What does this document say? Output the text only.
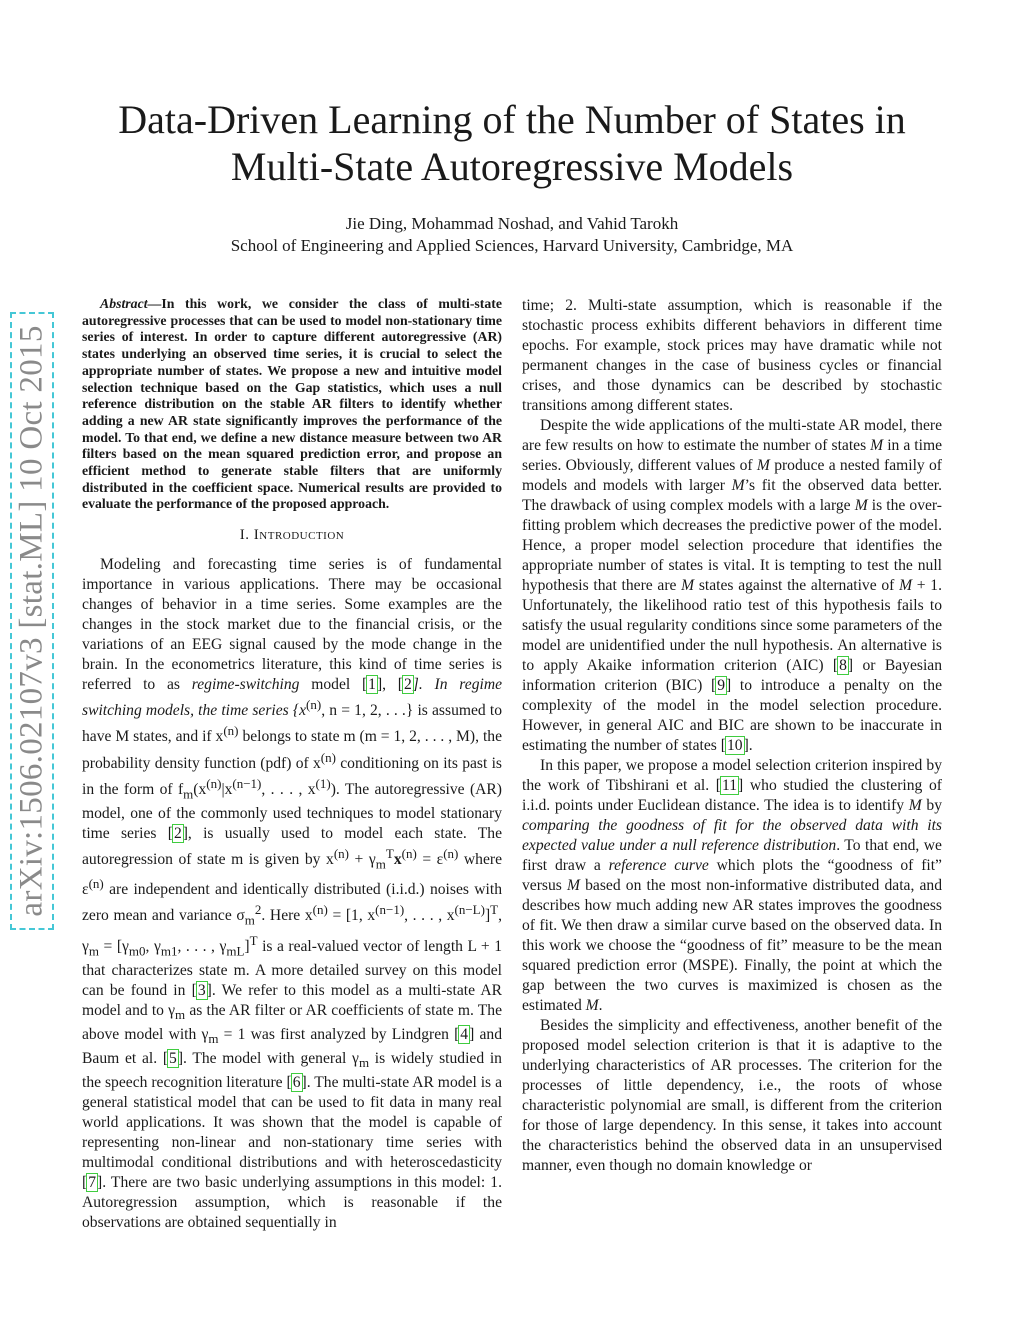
arXiv:1506.02107v3 [stat.ML] 10 Oct 2015
Data-Driven Learning of the Number of States in
Multi-State Autoregressive Models
Jie Ding, Mohammad Noshad, and Vahid Tarokh
School of Engineering and Applied Sciences, Harvard University, Cambridge, MA

Abstract—In this work, we consider the class of multi-state autoregressive processes that can be used to model non-stationary time series of interest. In order to capture different autoregressive (AR) states underlying an observed time series, it is crucial to select the appropriate number of states. We propose a new and intuitive model selection technique based on the Gap statistics, which uses a null reference distribution on the stable AR filters to identify whether adding a new AR state significantly improves the performance of the model. To that end, we define a new distance measure between two AR filters based on the mean squared prediction error, and propose an efficient method to generate stable filters that are uniformly distributed in the coefficient space. Numerical results are provided to evaluate the performance of the proposed approach.

I. Introduction

Modeling and forecasting time series is of fundamental importance in various applications. There may be occasional changes of behavior in a time series. Some examples are the changes in the stock market due to the financial crisis, or the variations of an EEG signal caused by the mode change in the brain. In the econometrics literature, this kind of time series is referred to as regime-switching model [1], [2]. In regime switching models, the time series {$x^{(n)}$, n = 1, 2, . . .} is assumed to have M states, and if $x^{(n)}$ belongs to state m (m = 1, 2, . . . , M), the probability density function (pdf) of $x^{(n)}$ conditioning on its past is in the form of $f_m(x^{(n)}|x^{(n-1)}$, . . . , $x^{(1)}$). The autoregressive (AR) model, one of the commonly used techniques to model stationary time series [2], is usually used to model each state. The autoregression of state m is given by $x^{(n)} + \gamma_m^Tx^{(n)} = \varepsilon^{(n)}$ where $\varepsilon^{(n)}$ are independent and identically distributed (i.i.d.) noises with zero mean and variance $\sigma_m^2$. Here $x^{(n)} = [1$, $x^{(n-1)}$, . . . , $x^{(n-L)}]^T$, $\gamma_m = [\gamma_{m0}$, $\gamma_{m1}$, . . . , $\gamma_{mL}]^T$ is a real-valued vector of length L + 1 that characterizes state m. A more detailed survey on this model can be found in [3]. We refer to this model as a multi-state AR model and to $\gamma_m$ as the AR filter or AR coefficients of state m. The above model with $\gamma_m = 1$ was first analyzed by Lindgren [4] and Baum et al. [5]. The model with general $\gamma_m$ is widely studied in the speech recognition literature [6]. The multi-state AR model is a general statistical model that can be used to fit data in many real world applications. It was shown that the model is capable of representing non-linear and non-stationary time series with multimodal conditional distributions and with heteroscedasticity [7]. There are two basic underlying assumptions in this model: 1. Autoregression assumption, which is reasonable if the observations are obtained sequentially in

time; 2. Multi-state assumption, which is reasonable if the stochastic process exhibits different behaviors in different time epochs. For example, stock prices may have dramatic while not permanent changes in the case of business cycles or financial crises, and those dynamics can be described by stochastic transitions among different states.

Despite the wide applications of the multi-state AR model, there are few results on how to estimate the number of states M in a time series. Obviously, different values of M produce a nested family of models and models with larger M’s fit the observed data better. The drawback of using complex models with a large M is the over-fitting problem which decreases the predictive power of the model. Hence, a proper model selection procedure that identifies the appropriate number of states is vital. It is tempting to test the null hypothesis that there are M states against the alternative of M + 1. Unfortunately, the likelihood ratio test of this hypothesis fails to satisfy the usual regularity conditions since some parameters of the model are unidentified under the null hypothesis. An alternative is to apply Akaike information criterion (AIC) [8] or Bayesian information criterion (BIC) [9] to introduce a penalty on the complexity of the model in the model selection procedure. However, in general AIC and BIC are shown to be inaccurate in estimating the number of states [10].

In this paper, we propose a model selection criterion inspired by the work of Tibshirani et al. [11] who studied the clustering of i.i.d. points under Euclidean distance. The idea is to identify M by comparing the goodness of fit for the observed data with its expected value under a null reference distribution. To that end, we first draw a reference curve which plots the “goodness of fit” versus M based on the most non-informative distributed data, and describes how much adding new AR states improves the goodness of fit. We then draw a similar curve based on the observed data. In this work we choose the “goodness of fit” measure to be the mean squared prediction error (MSPE). Finally, the point at which the gap between the two curves is maximized is chosen as the estimated M.

Besides the simplicity and effectiveness, another benefit of the proposed model selection criterion is that it is adaptive to the underlying characteristics of AR processes. The criterion for the processes of little dependency, i.e., the roots of whose characteristic polynomial are small, is different from the criterion for those of large dependency. In this sense, it takes into account the characteristics behind the observed data in an unsupervised manner, even though no domain knowledge or
